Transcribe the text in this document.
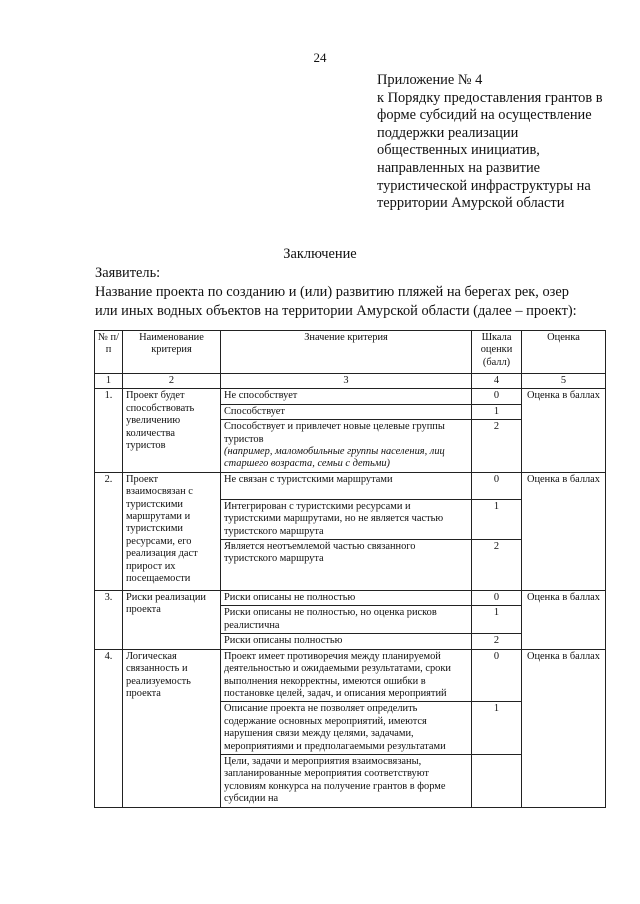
24
Приложение № 4
к Порядку предоставления грантов в
форме субсидий на осуществление
поддержки реализации
общественных инициатив,
направленных на развитие
туристической инфраструктуры на
территории Амурской области
Заключение
Заявитель:
Название проекта по созданию и (или) развитию пляжей на берегах рек, озер
или иных водных объектов на территории Амурской области (далее – проект):
№ п/п	Наименование критерия	Значение критерия	Шкала оценки (балл)	Оценка
1	2	3	4	5
1.	Проект будет способствовать увеличению количества туристов	Не способствует	0	Оценка в баллах
		Способствует	1	
		Способствует и привлечет новые целевые группы туристов
(например, маломобильные группы населения, лиц старшего возраста, семьи с детьми)	2	
2.	Проект взаимосвязан с туристскими маршрутами и туристскими ресурсами, его реализация даст прирост их посещаемости	Не связан с туристскими маршрутами	0	Оценка в баллах
		Интегрирован с туристскими ресурсами и туристскими маршрутами, но не является частью туристского маршрута	1	
		Является неотъемлемой частью связанного туристского маршрута	2	
3.	Риски реализации проекта	Риски описаны не полностью	0	Оценка в баллах
		Риски описаны не полностью, но оценка рисков реалистична	1	
		Риски описаны полностью	2	
4.	Логическая связанность и реализуемость проекта	Проект имеет противоречия между планируемой деятельностью и ожидаемыми результатами, сроки выполнения некорректны, имеются ошибки в постановке целей, задач, и описания мероприятий	0	Оценка в баллах
		Описание проекта не позволяет определить содержание основных мероприятий, имеются нарушения связи между целями, задачами, мероприятиями и предполагаемыми результатами	1	
		Цели, задачи и мероприятия взаимосвязаны, запланированные мероприятия соответствуют условиям конкурса на получение грантов в форме субсидии на		
